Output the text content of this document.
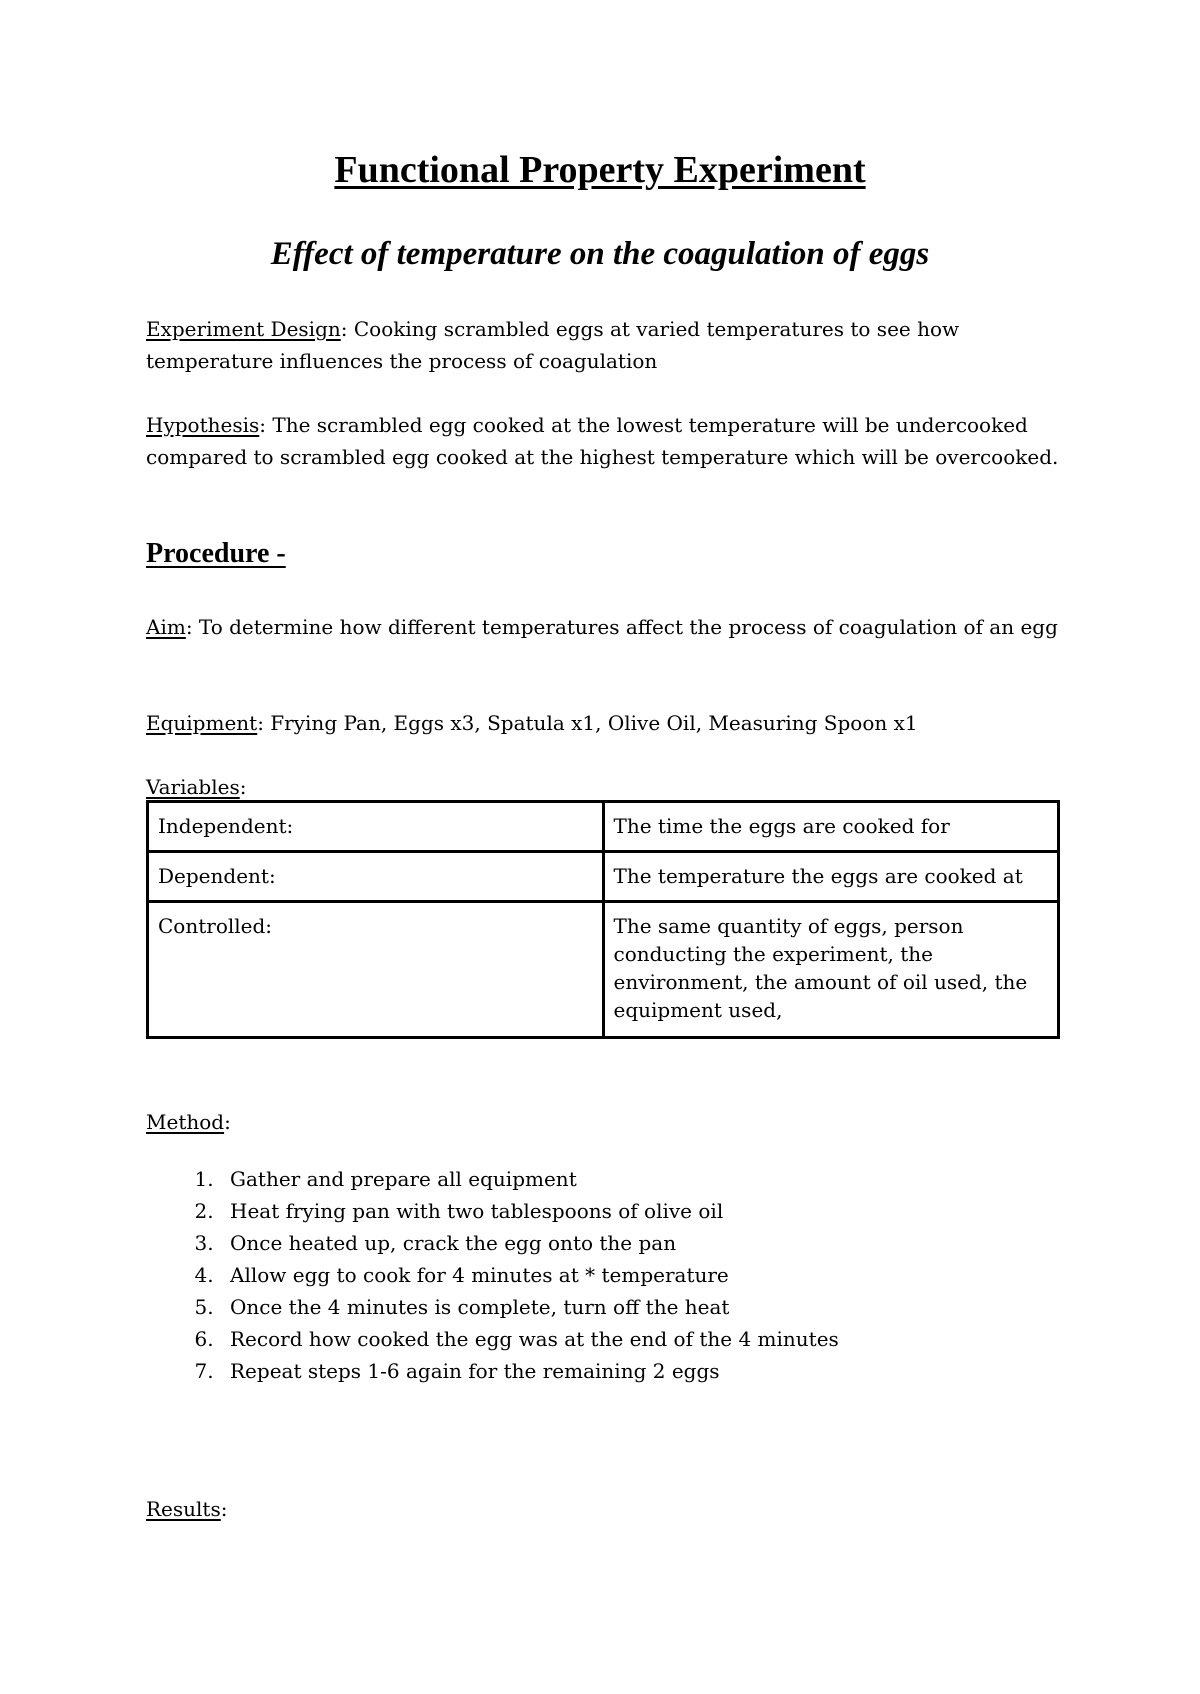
Functional Property Experiment
Effect of temperature on the coagulation of eggs

Experiment Design: Cooking scrambled eggs at varied temperatures to see how temperature influences the process of coagulation

Hypothesis: The scrambled egg cooked at the lowest temperature will be undercooked compared to scrambled egg cooked at the highest temperature which will be overcooked.

Procedure -

Aim: To determine how different temperatures affect the process of coagulation of an egg

Equipment: Frying Pan, Eggs x3, Spatula x1, Olive Oil, Measuring Spoon x1

Variables:

Independent:	The time the eggs are cooked for
Dependent:	The temperature the eggs are cooked at
Controlled:	The same quantity of eggs, person conducting the experiment, the environment, the amount of oil used, the equipment used,

Method:

1. Gather and prepare all equipment
2. Heat frying pan with two tablespoons of olive oil
3. Once heated up, crack the egg onto the pan
4. Allow egg to cook for 4 minutes at * temperature
5. Once the 4 minutes is complete, turn off the heat
6. Record how cooked the egg was at the end of the 4 minutes
7. Repeat steps 1-6 again for the remaining 2 eggs

Results:
